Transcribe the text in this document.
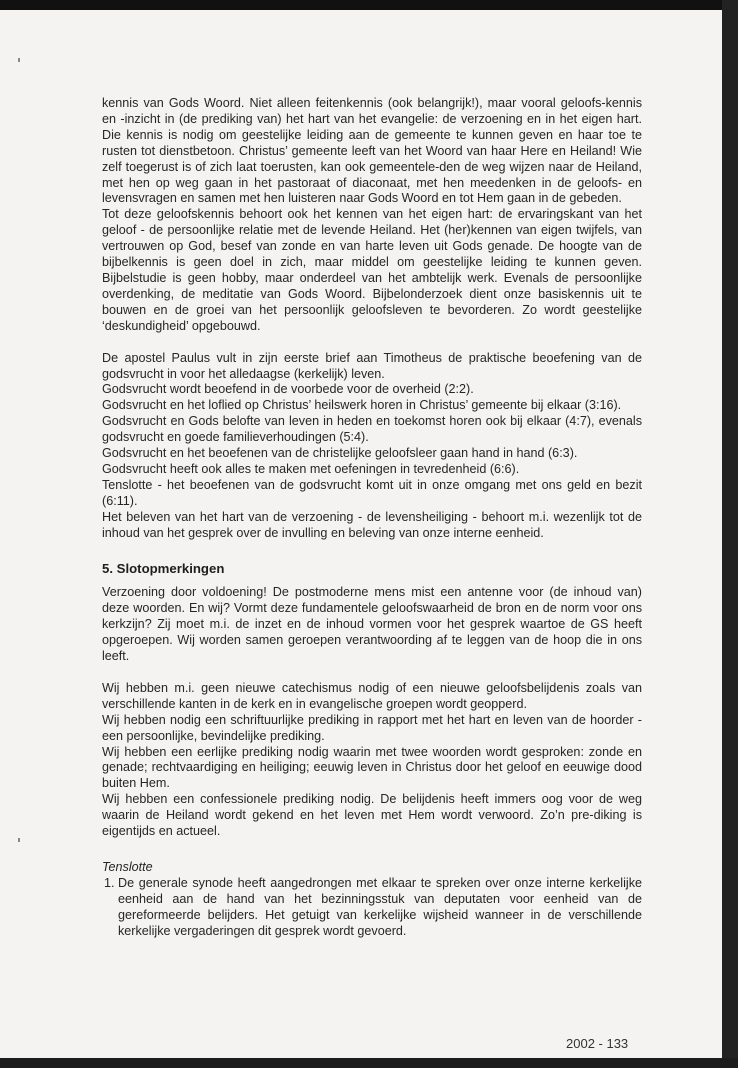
kennis van Gods Woord. Niet alleen feitenkennis (ook belangrijk!), maar vooral geloofs-kennis en -inzicht in (de prediking van) het hart van het evangelie: de verzoening en in het eigen hart. Die kennis is nodig om geestelijke leiding aan de gemeente te kunnen geven en haar toe te rusten tot dienstbetoon. Christus’ gemeente leeft van het Woord van haar Here en Heiland! Wie zelf toegerust is of zich laat toerusten, kan ook gemeentele-den de weg wijzen naar de Heiland, met hen op weg gaan in het pastoraat of diaconaat, met hen meedenken in de geloofs- en levensvragen en samen met hen luisteren naar Gods Woord en tot Hem gaan in de gebeden.

Tot deze geloofskennis behoort ook het kennen van het eigen hart: de ervaringskant van het geloof - de persoonlijke relatie met de levende Heiland. Het (her)kennen van eigen twijfels, van vertrouwen op God, besef van zonde en van harte leven uit Gods genade. De hoogte van de bijbelkennis is geen doel in zich, maar middel om geestelijke leiding te kunnen geven. Bijbelstudie is geen hobby, maar onderdeel van het ambtelijk werk. Evenals de persoonlijke overdenking, de meditatie van Gods Woord. Bijbelonderzoek dient onze basiskennis uit te bouwen en de groei van het persoonlijk geloofsleven te bevorderen. Zo wordt geestelijke ‘deskundigheid’ opgebouwd.

De apostel Paulus vult in zijn eerste brief aan Timotheus de praktische beoefening van de godsvrucht in voor het alledaagse (kerkelijk) leven.

Godsvrucht wordt beoefend in de voorbede voor de overheid (2:2).

Godsvrucht en het loflied op Christus’ heilswerk horen in Christus’ gemeente bij elkaar (3:16).

Godsvrucht en Gods belofte van leven in heden en toekomst horen ook bij elkaar (4:7), evenals godsvrucht en goede familieverhoudingen (5:4).

Godsvrucht en het beoefenen van de christelijke geloofsleer gaan hand in hand (6:3).

Godsvrucht heeft ook alles te maken met oefeningen in tevredenheid (6:6).

Tenslotte - het beoefenen van de godsvrucht komt uit in onze omgang met ons geld en bezit (6:11).

Het beleven van het hart van de verzoening - de levensheiliging - behoort m.i. wezenlijk tot de inhoud van het gesprek over de invulling en beleving van onze interne eenheid.

5. Slotopmerkingen

Verzoening door voldoening! De postmoderne mens mist een antenne voor (de inhoud van) deze woorden. En wij? Vormt deze fundamentele geloofswaarheid de bron en de norm voor ons kerkzijn? Zij moet m.i. de inzet en de inhoud vormen voor het gesprek waartoe de GS heeft opgeroepen. Wij worden samen geroepen verantwoording af te leggen van de hoop die in ons leeft.

Wij hebben m.i. geen nieuwe catechismus nodig of een nieuwe geloofsbelijdenis zoals van verschillende kanten in de kerk en in evangelische groepen wordt geopperd.

Wij hebben nodig een schriftuurlijke prediking in rapport met het hart en leven van de hoorder - een persoonlijke, bevindelijke prediking.

Wij hebben een eerlijke prediking nodig waarin met twee woorden wordt gesproken: zonde en genade; rechtvaardiging en heiliging; eeuwig leven in Christus door het geloof en eeuwige dood buiten Hem.

Wij hebben een confessionele prediking nodig. De belijdenis heeft immers oog voor de weg waarin de Heiland wordt gekend en het leven met Hem wordt verwoord. Zo’n pre-diking is eigentijds en actueel.

Tenslotte

1. De generale synode heeft aangedrongen met elkaar te spreken over onze interne kerkelijke eenheid aan de hand van het bezinningsstuk van deputaten voor eenheid van de gereformeerde belijders. Het getuigt van kerkelijke wijsheid wanneer in de verschillende kerkelijke vergaderingen dit gesprek wordt gevoerd.
2002 - 133
